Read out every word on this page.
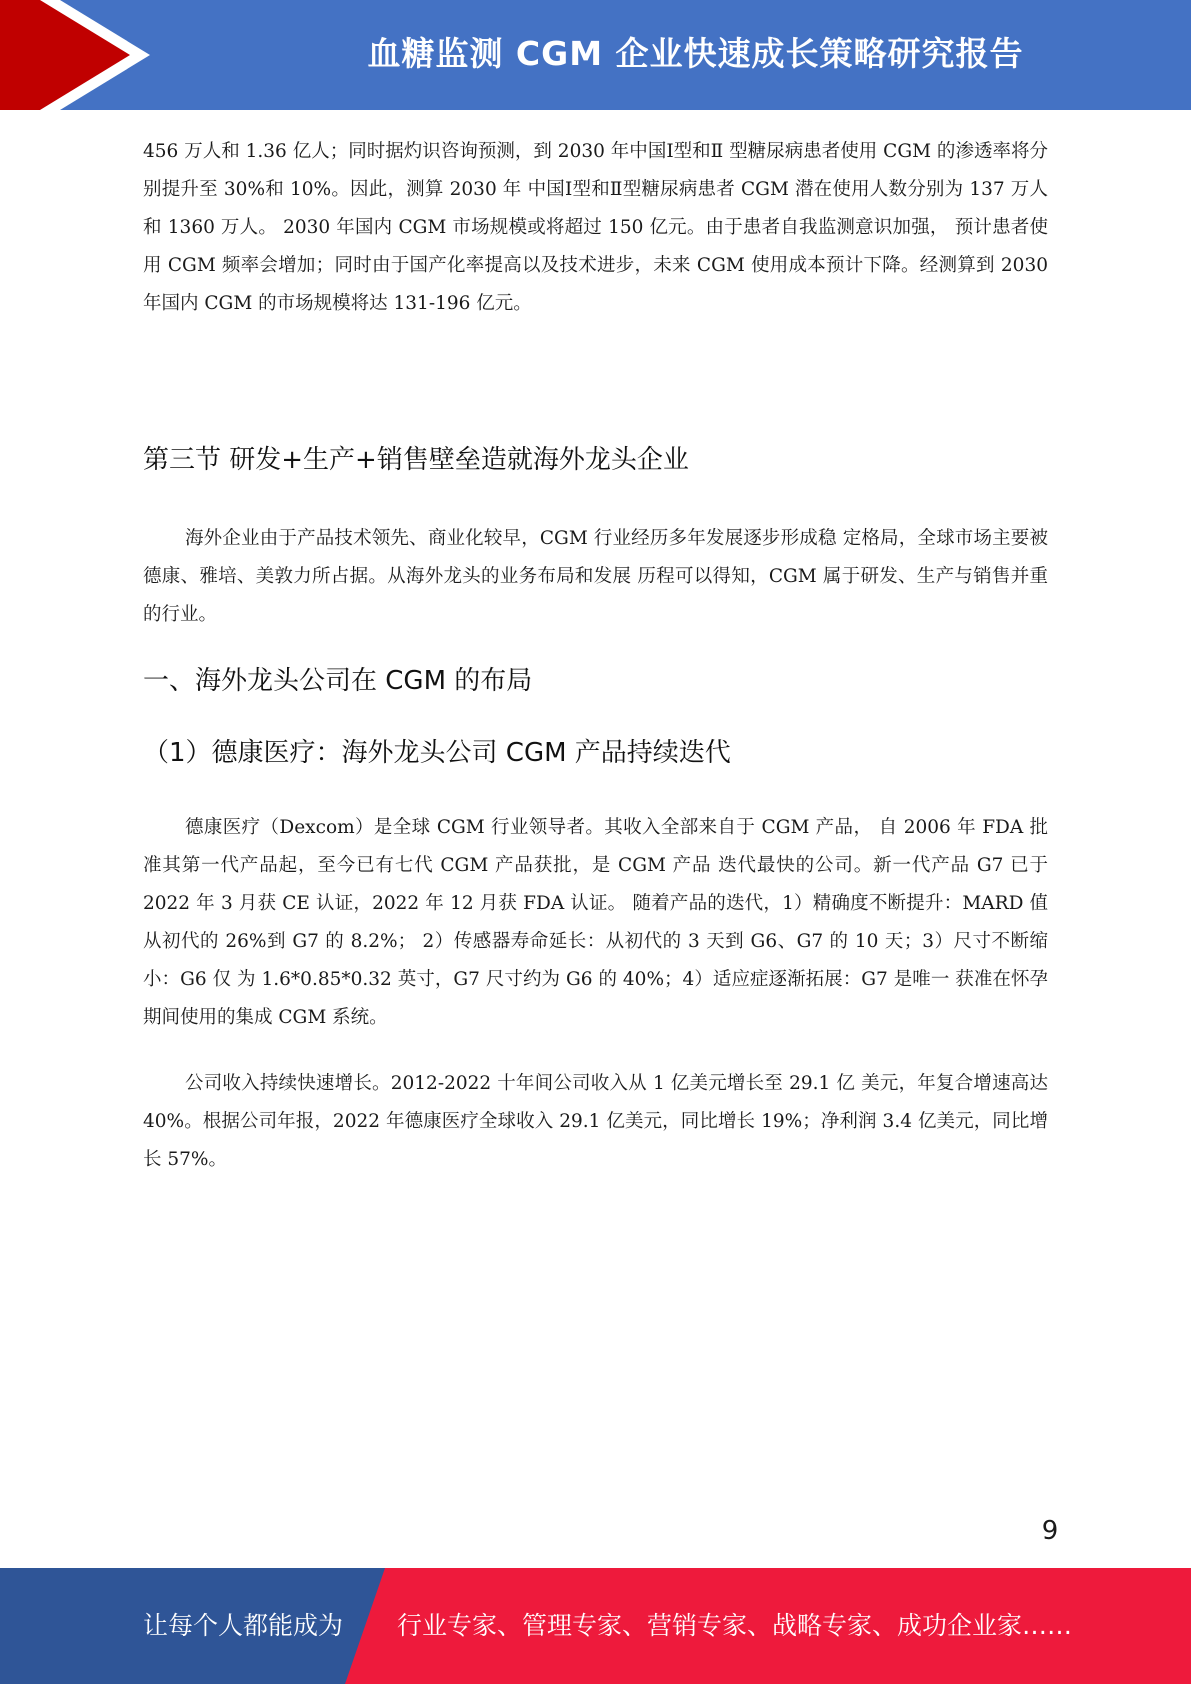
血糖监测 CGM 企业快速成长策略研究报告

456 万人和 1.36 亿人；同时据灼识咨询预测，到 2030 年中国Ⅰ型和Ⅱ 型糖尿病患者使用 CGM 的渗透率将分别提升至 30%和 10%。因此，测算 2030 年 中国Ⅰ型和Ⅱ型糖尿病患者 CGM 潜在使用人数分别为 137 万人和 1360 万人。 2030 年国内 CGM 市场规模或将超过 150 亿元。由于患者自我监测意识加强， 预计患者使用 CGM 频率会增加；同时由于国产化率提高以及技术进步，未来 CGM 使用成本预计下降。经测算到 2030 年国内 CGM 的市场规模将达 131-196 亿元。

第三节 研发+生产+销售壁垒造就海外龙头企业

海外企业由于产品技术领先、商业化较早，CGM 行业经历多年发展逐步形成稳 定格局，全球市场主要被德康、雅培、美敦力所占据。从海外龙头的业务布局和发展 历程可以得知，CGM 属于研发、生产与销售并重的行业。

一、海外龙头公司在 CGM 的布局
（1）德康医疗：海外龙头公司 CGM 产品持续迭代

德康医疗（Dexcom）是全球 CGM 行业领导者。其收入全部来自于 CGM 产品， 自 2006 年 FDA 批准其第一代产品起，至今已有七代 CGM 产品获批，是 CGM 产品 迭代最快的公司。新一代产品 G7 已于 2022 年 3 月获 CE 认证，2022 年 12 月获 FDA 认证。 随着产品的迭代，1）精确度不断提升：MARD 值从初代的 26%到 G7 的 8.2%； 2）传感器寿命延长：从初代的 3 天到 G6、G7 的 10 天；3）尺寸不断缩小：G6 仅 为 1.6*0.85*0.32 英寸，G7 尺寸约为 G6 的 40%；4）适应症逐渐拓展：G7 是唯一 获准在怀孕期间使用的集成 CGM 系统。

公司收入持续快速增长。2012-2022 十年间公司收入从 1 亿美元增长至 29.1 亿 美元，年复合增速高达 40%。根据公司年报，2022 年德康医疗全球收入 29.1 亿美元，同比增长 19%；净利润 3.4 亿美元，同比增长 57%。

9
让每个人都能成为 行业专家、管理专家、营销专家、战略专家、成功企业家……
